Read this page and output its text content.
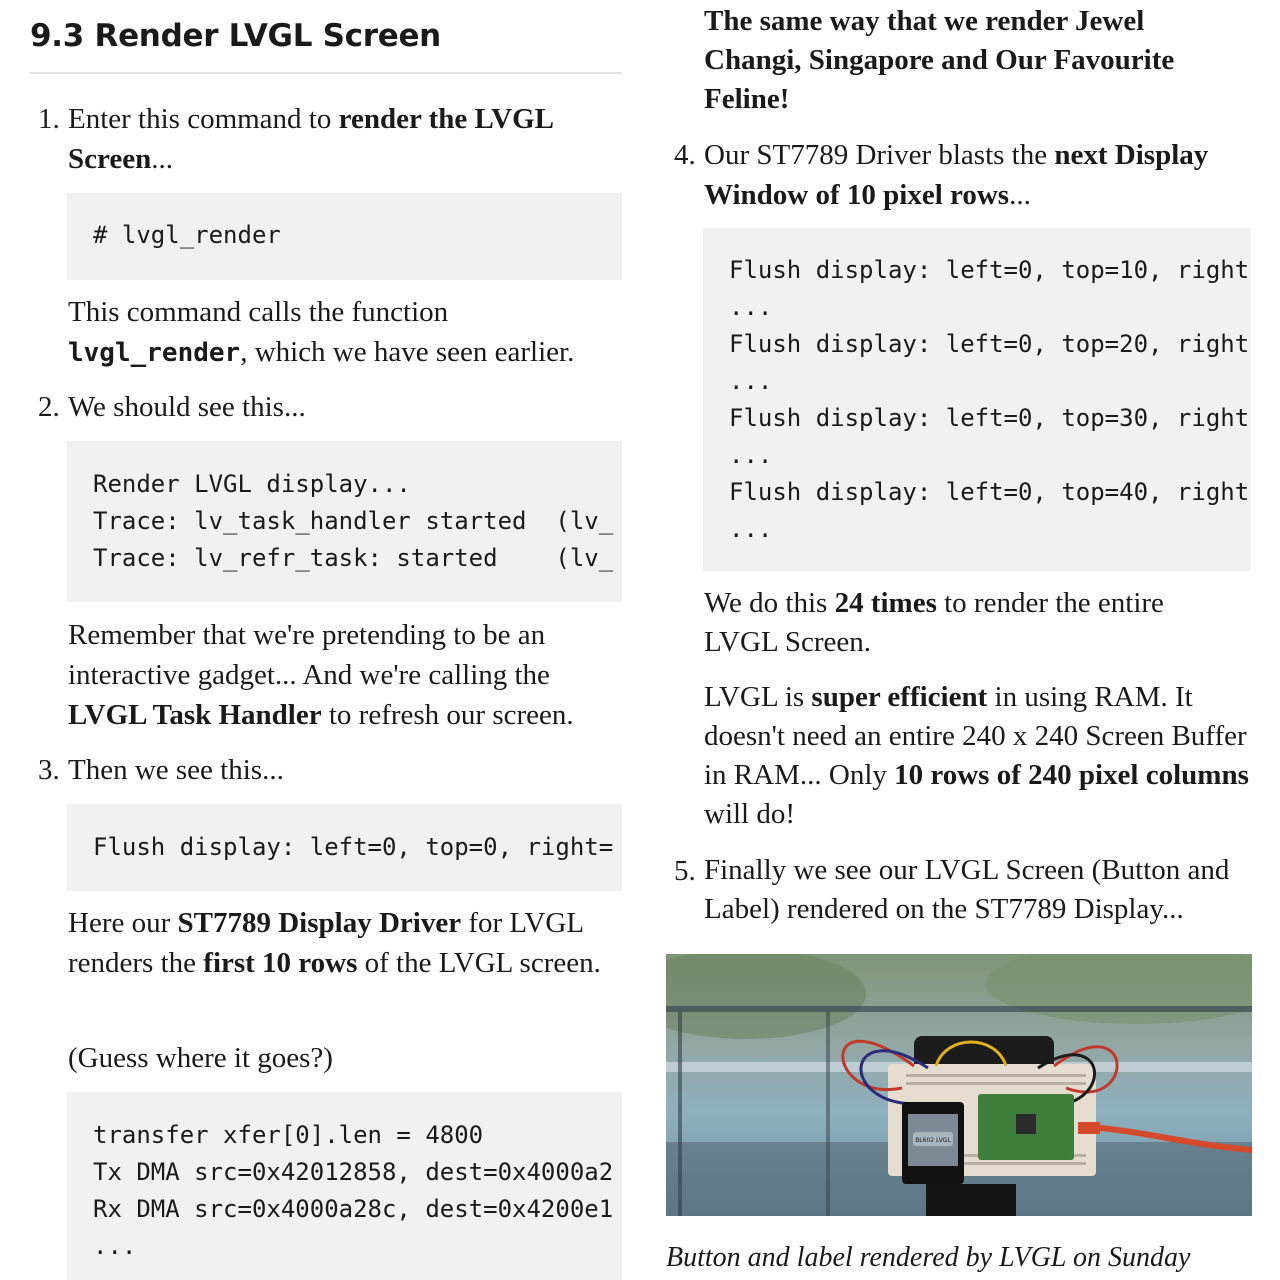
9.3 Render LVGL Screen
1. Enter this command to render the LVGL Screen...
# lvgl_render
This command calls the function lvgl_render, which we have seen earlier.
2. We should see this...
Render LVGL display...
Trace: lv_task_handler started  (lv_
Trace: lv_refr_task: started    (lv_
Remember that we're pretending to be an interactive gadget... And we're calling the LVGL Task Handler to refresh our screen.
3. Then we see this...
Flush display: left=0, top=0, right=
Here our ST7789 Display Driver for LVGL renders the first 10 rows of the LVGL screen.
(Guess where it goes?)
transfer xfer[0].len = 4800
Tx DMA src=0x42012858, dest=0x4000a2
Rx DMA src=0x4000a28c, dest=0x4200e1
...
The same way that we render Jewel Changi, Singapore and Our Favourite Feline!
4. Our ST7789 Driver blasts the next Display Window of 10 pixel rows...
Flush display: left=0, top=10, right
...
Flush display: left=0, top=20, right
...
Flush display: left=0, top=30, right
...
Flush display: left=0, top=40, right
...
We do this 24 times to render the entire LVGL Screen.
LVGL is super efficient in using RAM. It doesn't need an entire 240 x 240 Screen Buffer in RAM... Only 10 rows of 240 pixel columns will do!
5. Finally we see our LVGL Screen (Button and Label) rendered on the ST7789 Display...
BL602 LVGL
Button and label rendered by LVGL on Sunday
